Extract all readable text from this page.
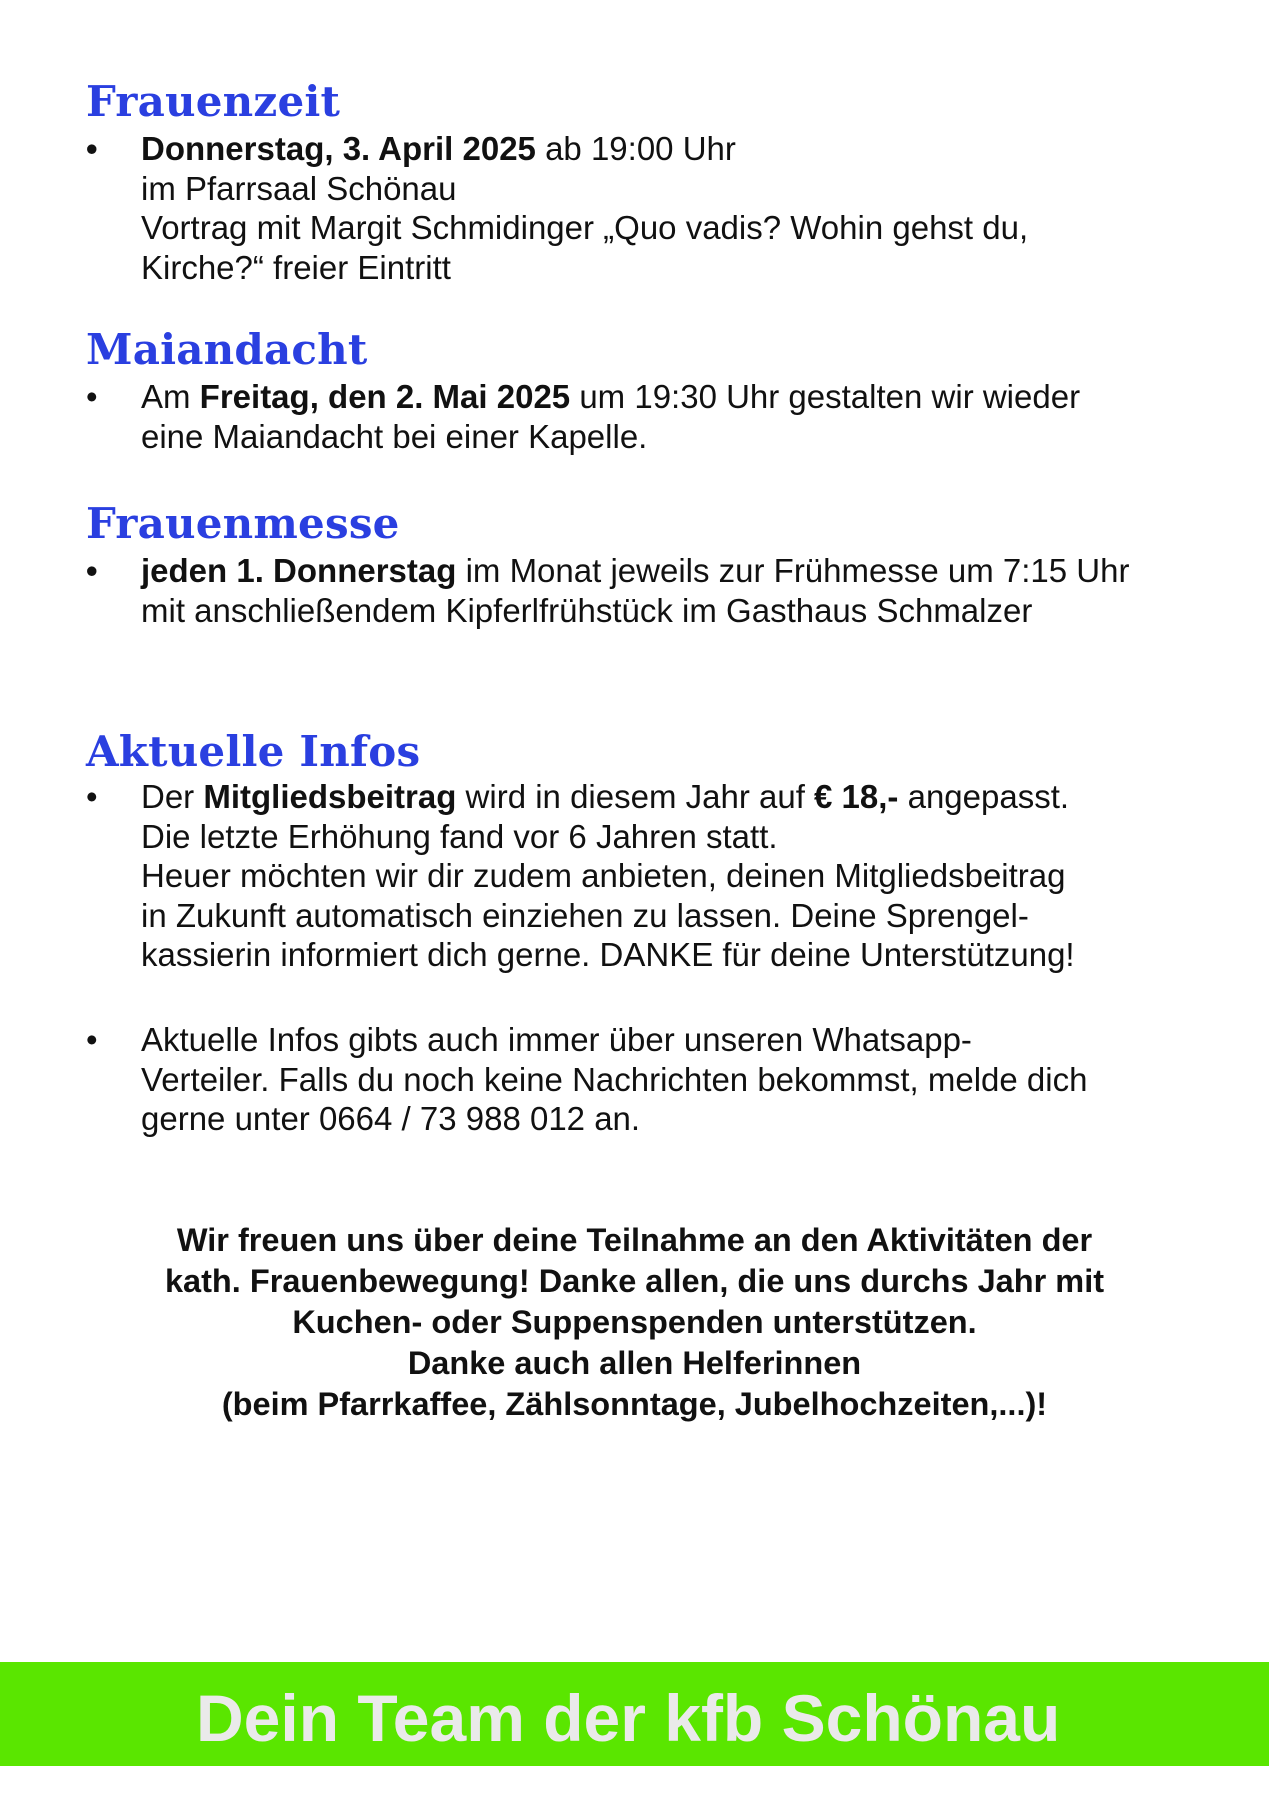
Frauenzeit
•	Donnerstag, 3. April 2025 ab 19:00 Uhr
im Pfarrsaal Schönau
Vortrag mit Margit Schmidinger „Quo vadis? Wohin gehst du,
Kirche?“ freier Eintritt
Maiandacht
•	Am Freitag, den 2. Mai 2025 um 19:30 Uhr gestalten wir wieder
eine Maiandacht bei einer Kapelle.
Frauenmesse
•	jeden 1. Donnerstag im Monat jeweils zur Frühmesse um 7:15 Uhr
mit anschließendem Kipferlfrühstück im Gasthaus Schmalzer
Aktuelle Infos
•	Der Mitgliedsbeitrag wird in diesem Jahr auf € 18,- angepasst.
Die letzte Erhöhung fand vor 6 Jahren statt.
Heuer möchten wir dir zudem anbieten, deinen Mitgliedsbeitrag
in Zukunft automatisch einziehen zu lassen. Deine Sprengel-
kassierin informiert dich gerne. DANKE für deine Unterstützung!
•	Aktuelle Infos gibts auch immer über unseren Whatsapp-
Verteiler. Falls du noch keine Nachrichten bekommst, melde dich
gerne unter 0664 / 73 988 012 an.
Wir freuen uns über deine Teilnahme an den Aktivitäten der
kath. Frauenbewegung! Danke allen, die uns durchs Jahr mit
Kuchen- oder Suppenspenden unterstützen.
Danke auch allen Helferinnen
(beim Pfarrkaffee, Zählsonntage, Jubelhochzeiten,...)!
Dein Team der kfb Schönau
